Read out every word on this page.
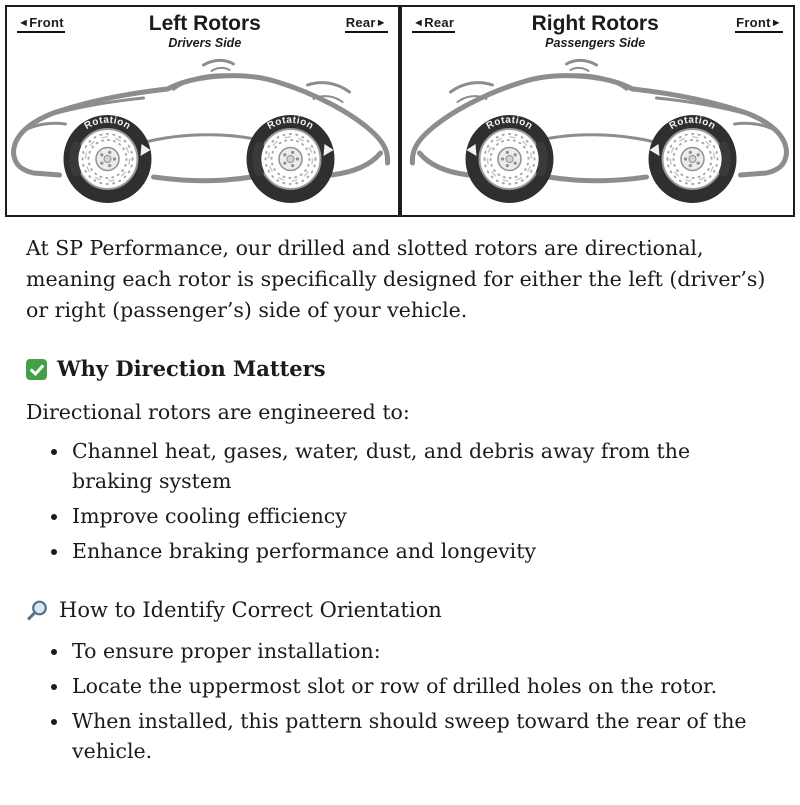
◄Front	Left Rotors
Drivers Side
Rear►
Rotation	Rotation
◄Rear	Right Rotors
Passengers Side
Front►
Rotation	Rotation

At SP Performance, our drilled and slotted rotors are directional, meaning each rotor is specifically designed for either the left (driver’s) or right (passenger’s) side of your vehicle.

Why Direction Matters

Directional rotors are engineered to:

• Channel heat, gases, water, dust, and debris away from the braking system
• Improve cooling efficiency
• Enhance braking performance and longevity
How to Identify Correct Orientation
• To ensure proper installation:
• Locate the uppermost slot or row of drilled holes on the rotor.
• When installed, this pattern should sweep toward the rear of the vehicle.
